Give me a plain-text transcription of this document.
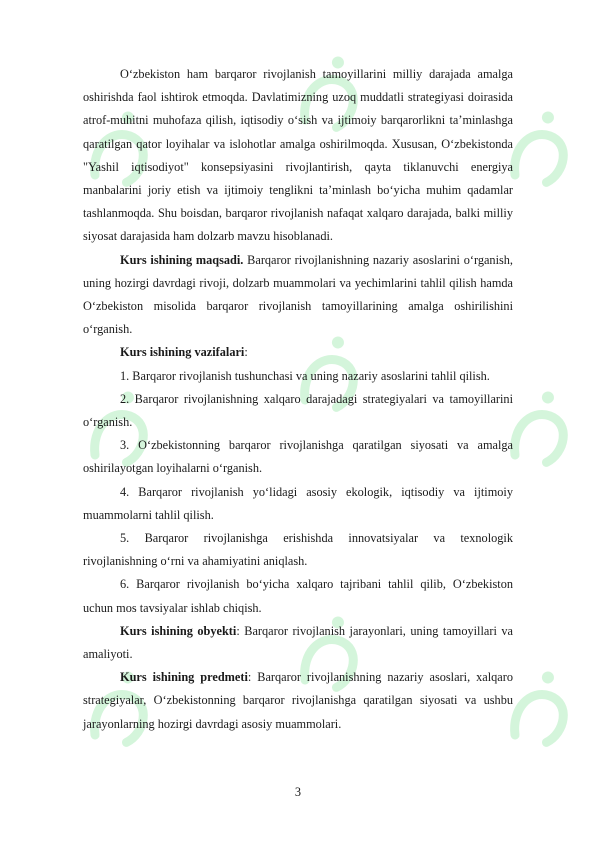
O‘zbekiston ham barqaror rivojlanish tamoyillarini milliy darajada amalga oshirishda faol ishtirok etmoqda. Davlatimizning uzoq muddatli strategiyasi doirasida atrof-muhitni muhofaza qilish, iqtisodiy o‘sish va ijtimoiy barqarorlikni ta’minlashga qaratilgan qator loyihalar va islohotlar amalga oshirilmoqda. Xususan, O‘zbekistonda "Yashil iqtisodiyot" konsepsiyasini rivojlantirish, qayta tiklanuvchi energiya manbalarini joriy etish va ijtimoiy tenglikni ta’minlash bo‘yicha muhim qadamlar tashlanmoqda. Shu boisdan, barqaror rivojlanish nafaqat xalqaro darajada, balki milliy siyosat darajasida ham dolzarb mavzu hisoblanadi.

Kurs ishining maqsadi. Barqaror rivojlanishning nazariy asoslarini o‘rganish, uning hozirgi davrdagi rivoji, dolzarb muammolari va yechimlarini tahlil qilish hamda O‘zbekiston misolida barqaror rivojlanish tamoyillarining amalga oshirilishini o‘rganish.

Kurs ishining vazifalari:

1. Barqaror rivojlanish tushunchasi va uning nazariy asoslarini tahlil qilish.

2. Barqaror rivojlanishning xalqaro darajadagi strategiyalari va tamoyillarini o‘rganish.

3. O‘zbekistonning barqaror rivojlanishga qaratilgan siyosati va amalga oshirilayotgan loyihalarni o‘rganish.

4. Barqaror rivojlanish yo‘lidagi asosiy ekologik, iqtisodiy va ijtimoiy muammolarni tahlil qilish.

5. Barqaror rivojlanishga erishishda innovatsiyalar va texnologik rivojlanishning o‘rni va ahamiyatini aniqlash.

6. Barqaror rivojlanish bo‘yicha xalqaro tajribani tahlil qilib, O‘zbekiston uchun mos tavsiyalar ishlab chiqish.

Kurs ishining obyekti: Barqaror rivojlanish jarayonlari, uning tamoyillari va amaliyoti.

Kurs ishining predmeti: Barqaror rivojlanishning nazariy asoslari, xalqaro strategiyalar, O‘zbekistonning barqaror rivojlanishga qaratilgan siyosati va ushbu jarayonlarning hozirgi davrdagi asosiy muammolari.

3
